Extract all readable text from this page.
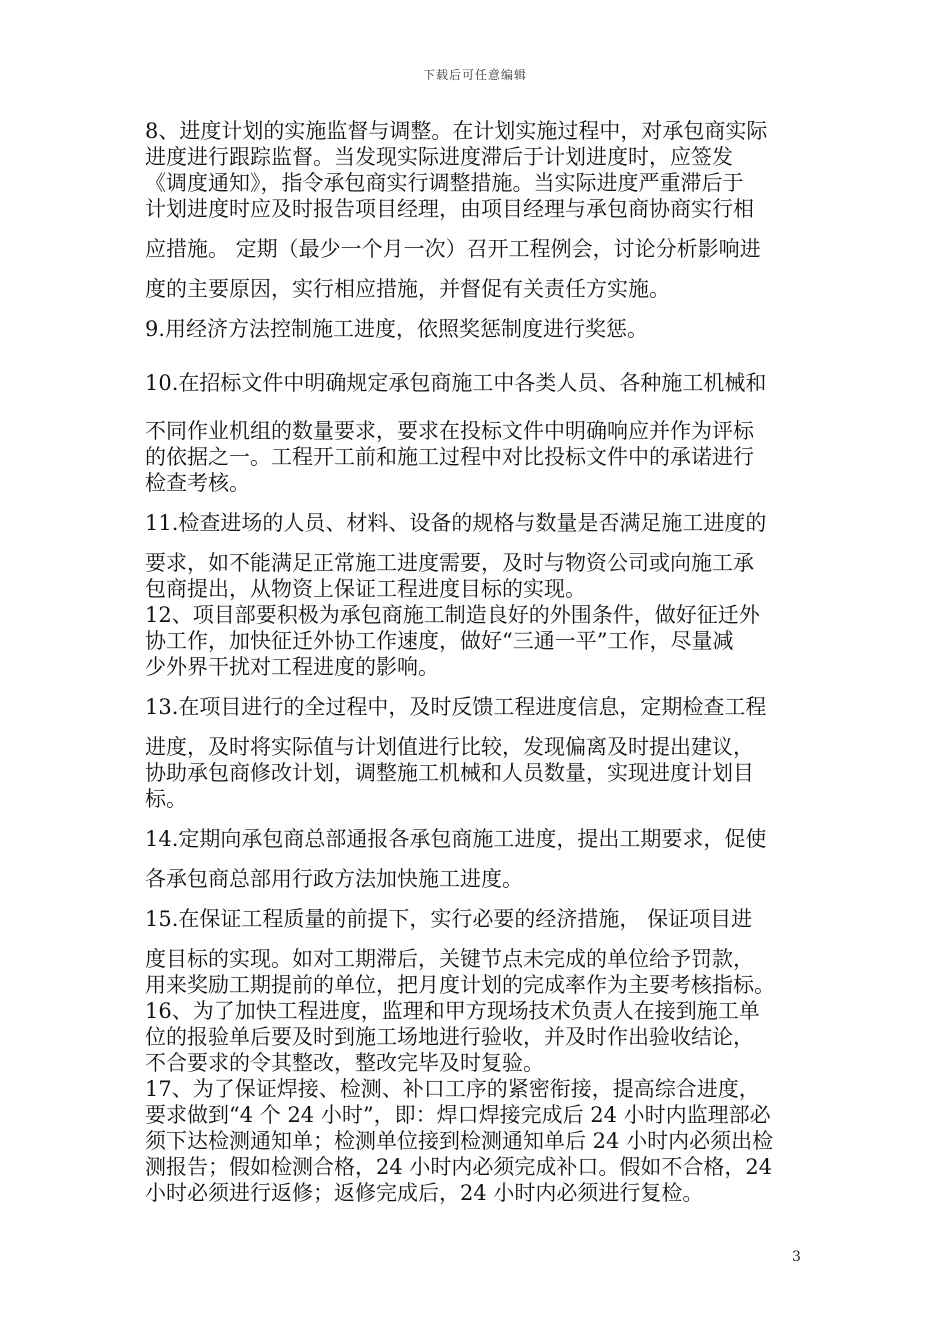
下载后可任意编辑

8、进度计划的实施监督与调整。在计划实施过程中，对承包商实际

进度进行跟踪监督。当发现实际进度滞后于计划进度时，应签发

《调度通知》，指令承包商实行调整措施。当实际进度严重滞后于

计划进度时应及时报告项目经理，由项目经理与承包商协商实行相

应措施。 定期（最少一个月一次）召开工程例会，讨论分析影响进

度的主要原因，实行相应措施，并督促有关责任方实施。

9.用经济方法控制施工进度，依照奖惩制度进行奖惩。

10.在招标文件中明确规定承包商施工中各类人员、各种施工机械和

不同作业机组的数量要求，要求在投标文件中明确响应并作为评标

的依据之一。工程开工前和施工过程中对比投标文件中的承诺进行

检查考核。

11.检查进场的人员、材料、设备的规格与数量是否满足施工进度的

要求，如不能满足正常施工进度需要，及时与物资公司或向施工承

包商提出，从物资上保证工程进度目标的实现。

12、项目部要积极为承包商施工制造良好的外围条件，做好征迁外

协工作，加快征迁外协工作速度，做好“三通一平”工作，尽量减

少外界干扰对工程进度的影响。

13.在项目进行的全过程中，及时反馈工程进度信息，定期检查工程

进度，及时将实际值与计划值进行比较，发现偏离及时提出建议，

协助承包商修改计划，调整施工机械和人员数量，实现进度计划目

标。

14.定期向承包商总部通报各承包商施工进度，提出工期要求，促使

各承包商总部用行政方法加快施工进度。

15.在保证工程质量的前提下，实行必要的经济措施， 保证项目进

度目标的实现。如对工期滞后，关键节点未完成的单位给予罚款，

用来奖励工期提前的单位，把月度计划的完成率作为主要考核指标。

16、为了加快工程进度，监理和甲方现场技术负责人在接到施工单

位的报验单后要及时到施工场地进行验收，并及时作出验收结论，

不合要求的令其整改，整改完毕及时复验。

17、为了保证焊接、检测、补口工序的紧密衔接，提高综合进度，

要求做到“4 个 24 小时”，即：焊口焊接完成后 24 小时内监理部必

须下达检测通知单；检测单位接到检测通知单后 24 小时内必须出检

测报告；假如检测合格，24 小时内必须完成补口。假如不合格，24

小时必须进行返修；返修完成后，24 小时内必须进行复检。

3
